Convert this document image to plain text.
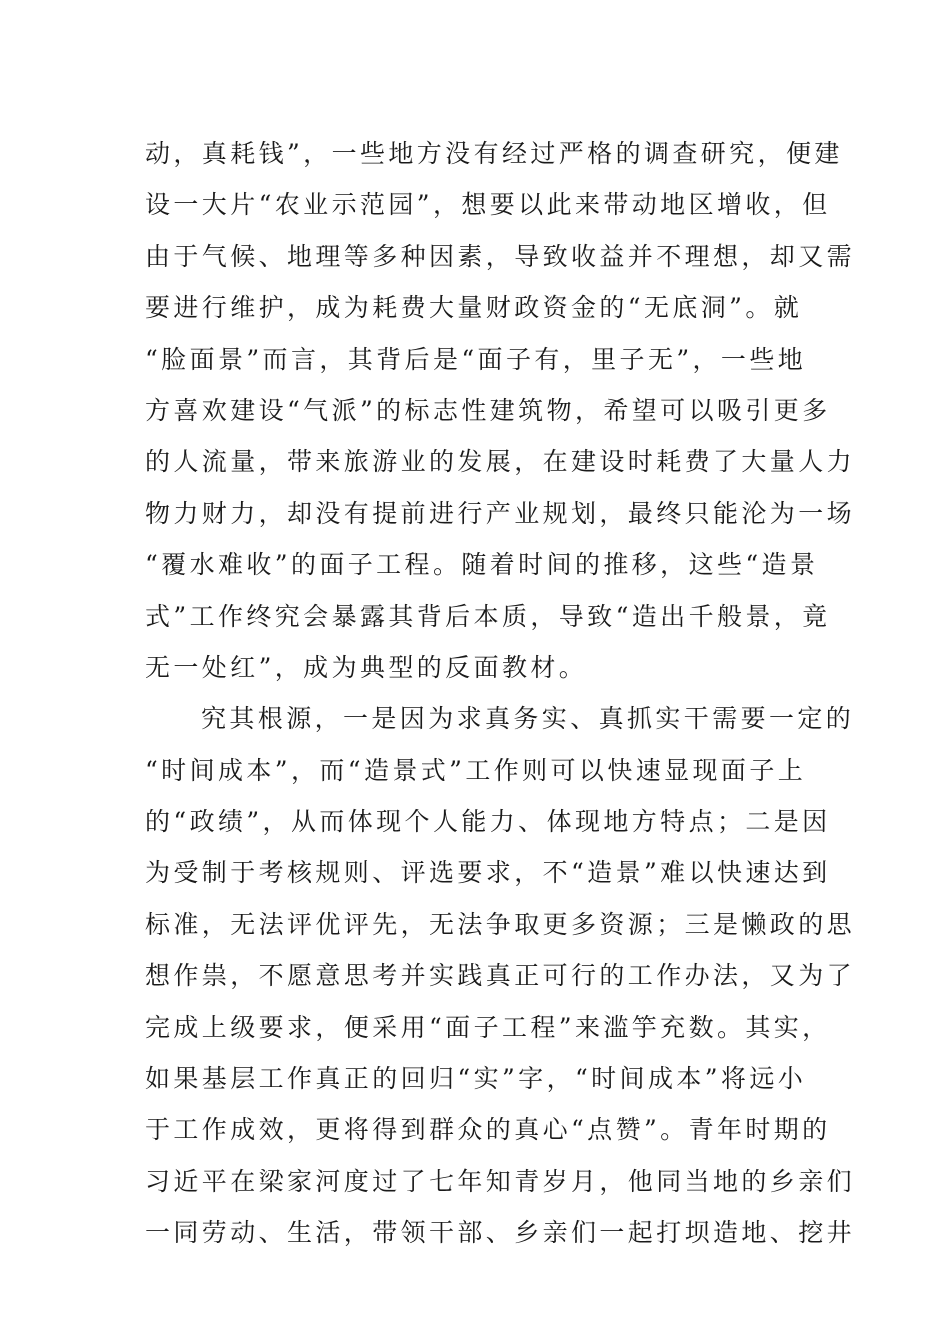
动，真耗钱”，一些地方没有经过严格的调查研究，便建
设一大片“农业示范园”，想要以此来带动地区增收，但
由于气候、地理等多种因素，导致收益并不理想，却又需
要进行维护，成为耗费大量财政资金的“无底洞”。就
“脸面景”而言，其背后是“面子有，里子无”，一些地
方喜欢建设“气派”的标志性建筑物，希望可以吸引更多
的人流量，带来旅游业的发展，在建设时耗费了大量人力
物力财力，却没有提前进行产业规划，最终只能沦为一场
“覆水难收”的面子工程。随着时间的推移，这些“造景
式”工作终究会暴露其背后本质，导致“造出千般景，竟
无一处红”，成为典型的反面教材。
究其根源，一是因为求真务实、真抓实干需要一定的
“时间成本”，而“造景式”工作则可以快速显现面子上
的“政绩”，从而体现个人能力、体现地方特点；二是因
为受制于考核规则、评选要求，不“造景”难以快速达到
标准，无法评优评先，无法争取更多资源；三是懒政的思
想作祟，不愿意思考并实践真正可行的工作办法，又为了
完成上级要求，便采用“面子工程”来滥竽充数。其实，
如果基层工作真正的回归“实”字，“时间成本”将远小
于工作成效，更将得到群众的真心“点赞”。青年时期的
习近平在梁家河度过了七年知青岁月，他同当地的乡亲们
一同劳动、生活，带领干部、乡亲们一起打坝造地、挖井
